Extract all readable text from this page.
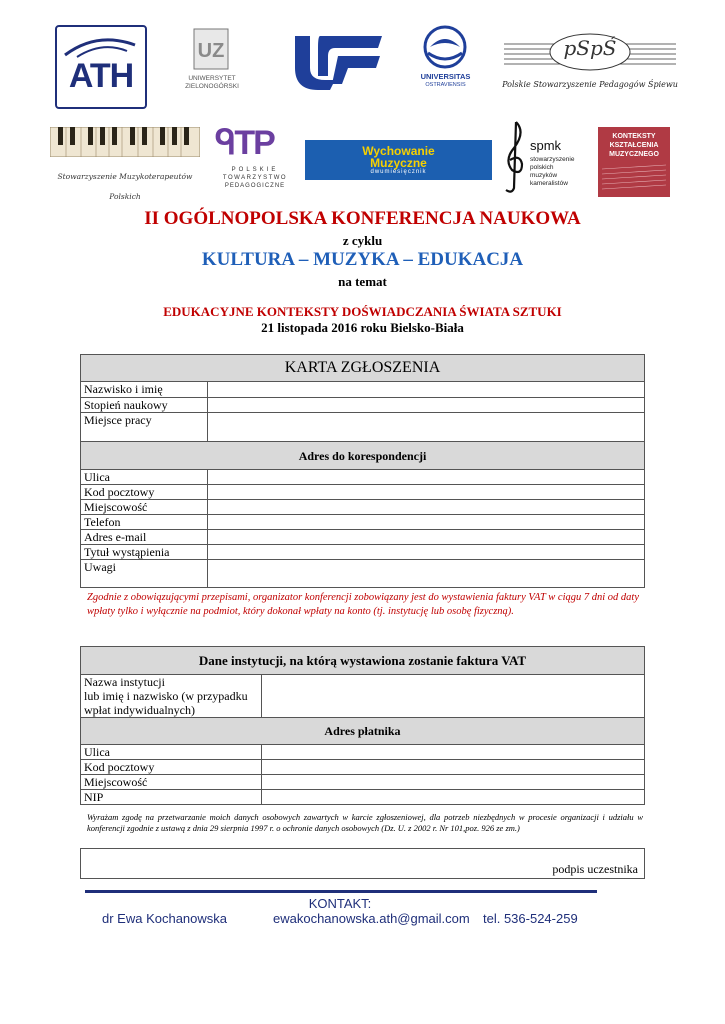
ATH
UZ
UNIWERSYTET
ZIELONOGÓRSKI
UNIVERSITAS
OSTRAVIENSIS
pSpŚ
Polskie Stowarzyszenie Pedagogów Śpiewu
Stowarzyszenie Muzykoterapeutów
Polskich
ᑫTP
POLSKIE
TOWARZYSTWO
PEDAGOGICZNE
Wychowanie
Muzyczne
dwumiesięcznik
spmk
stowarzyszenie
polskich
muzyków
kameralistów
KONTEKSTY
KSZTAŁCENIA
MUZYCZNEGO
II OGÓLNOPOLSKA KONFERENCJA NAUKOWA
z cyklu
KULTURA – MUZYKA – EDUKACJA
na temat
EDUKACYJNE KONTEKSTY DOŚWIADCZANIA ŚWIATA SZTUKI
21 listopada 2016 roku Bielsko-Biała
KARTA ZGŁOSZENIA	
Nazwisko i imię	
Stopień naukowy	
Miejsce pracy	
Adres do korespondencji	
Ulica	
Kod pocztowy	
Miejscowość	
Telefon	
Adres e-mail	
Tytuł wystąpienia	
Uwagi	
Zgodnie z obowiązującymi przepisami, organizator konferencji zobowiązany jest do wystawienia faktury VAT w ciągu 7 dni od daty wpłaty tylko i wyłącznie na podmiot, który dokonał wpłaty na konto (tj. instytucję lub osobę fizyczną).
Dane instytucji, na którą wystawiona zostanie faktura VAT	

Nazwa instytucji
lub imię i nazwisko (w przypadku
wpłat indywidualnych)	

Adres płatnika	
Ulica	
Kod pocztowy	
Miejscowość	
NIP	
Wyrażam zgodę na przetwarzanie moich danych osobowych zawartych w karcie zgłoszeniowej, dla potrzeb niezbędnych w procesie organizacji i udziału w konferencji zgodnie z ustawą z dnia 29 sierpnia 1997 r. o ochronie danych osobowych (Dz. U. z 2002 r. Nr 101,poz. 926 ze zm.)
podpis uczestnika
KONTAKT:
dr Ewa Kochanowska	ewakochanowska.ath@gmail.com tel. 536-524-259
